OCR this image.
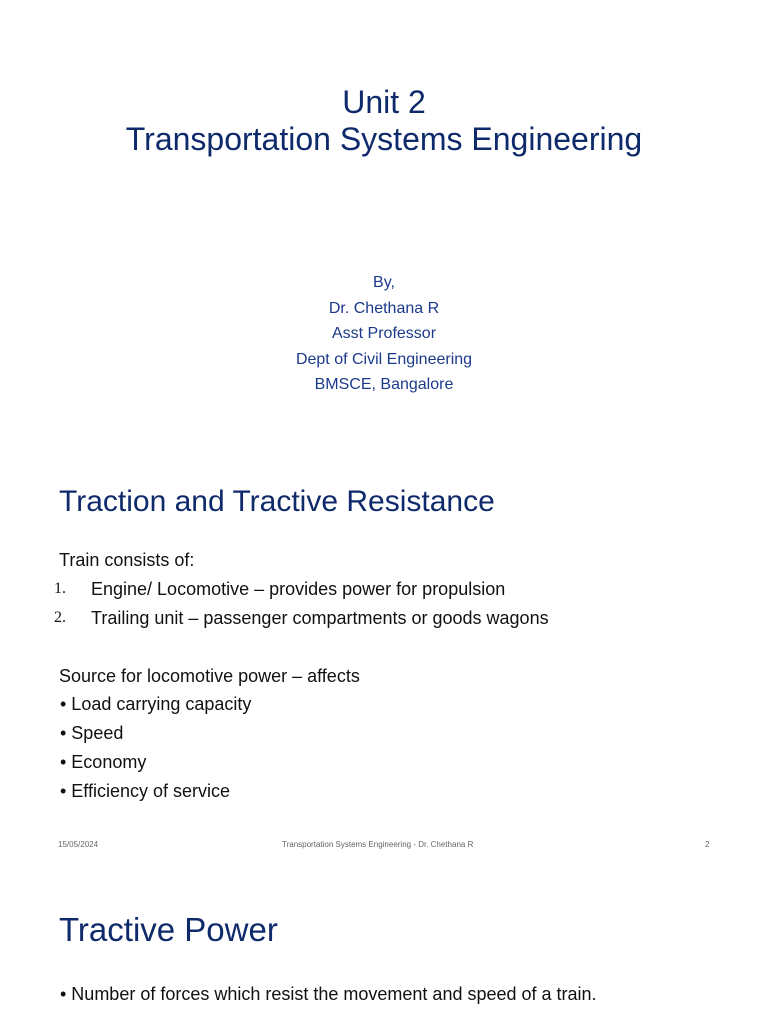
Unit 2
Transportation Systems Engineering
By,
Dr. Chethana R
Asst Professor
Dept of Civil Engineering
BMSCE, Bangalore
Traction and Tractive Resistance
Train consists of:
1. Engine/ Locomotive – provides power for propulsion
2. Trailing unit – passenger compartments or goods wagons
Source for locomotive power – affects
• Load carrying capacity
• Speed
• Economy
• Efficiency of service
15/05/2024	Transportation Systems Engineering - Dr. Chethana R	2
Tractive Power
• Number of forces which resist the movement and speed of a train.
